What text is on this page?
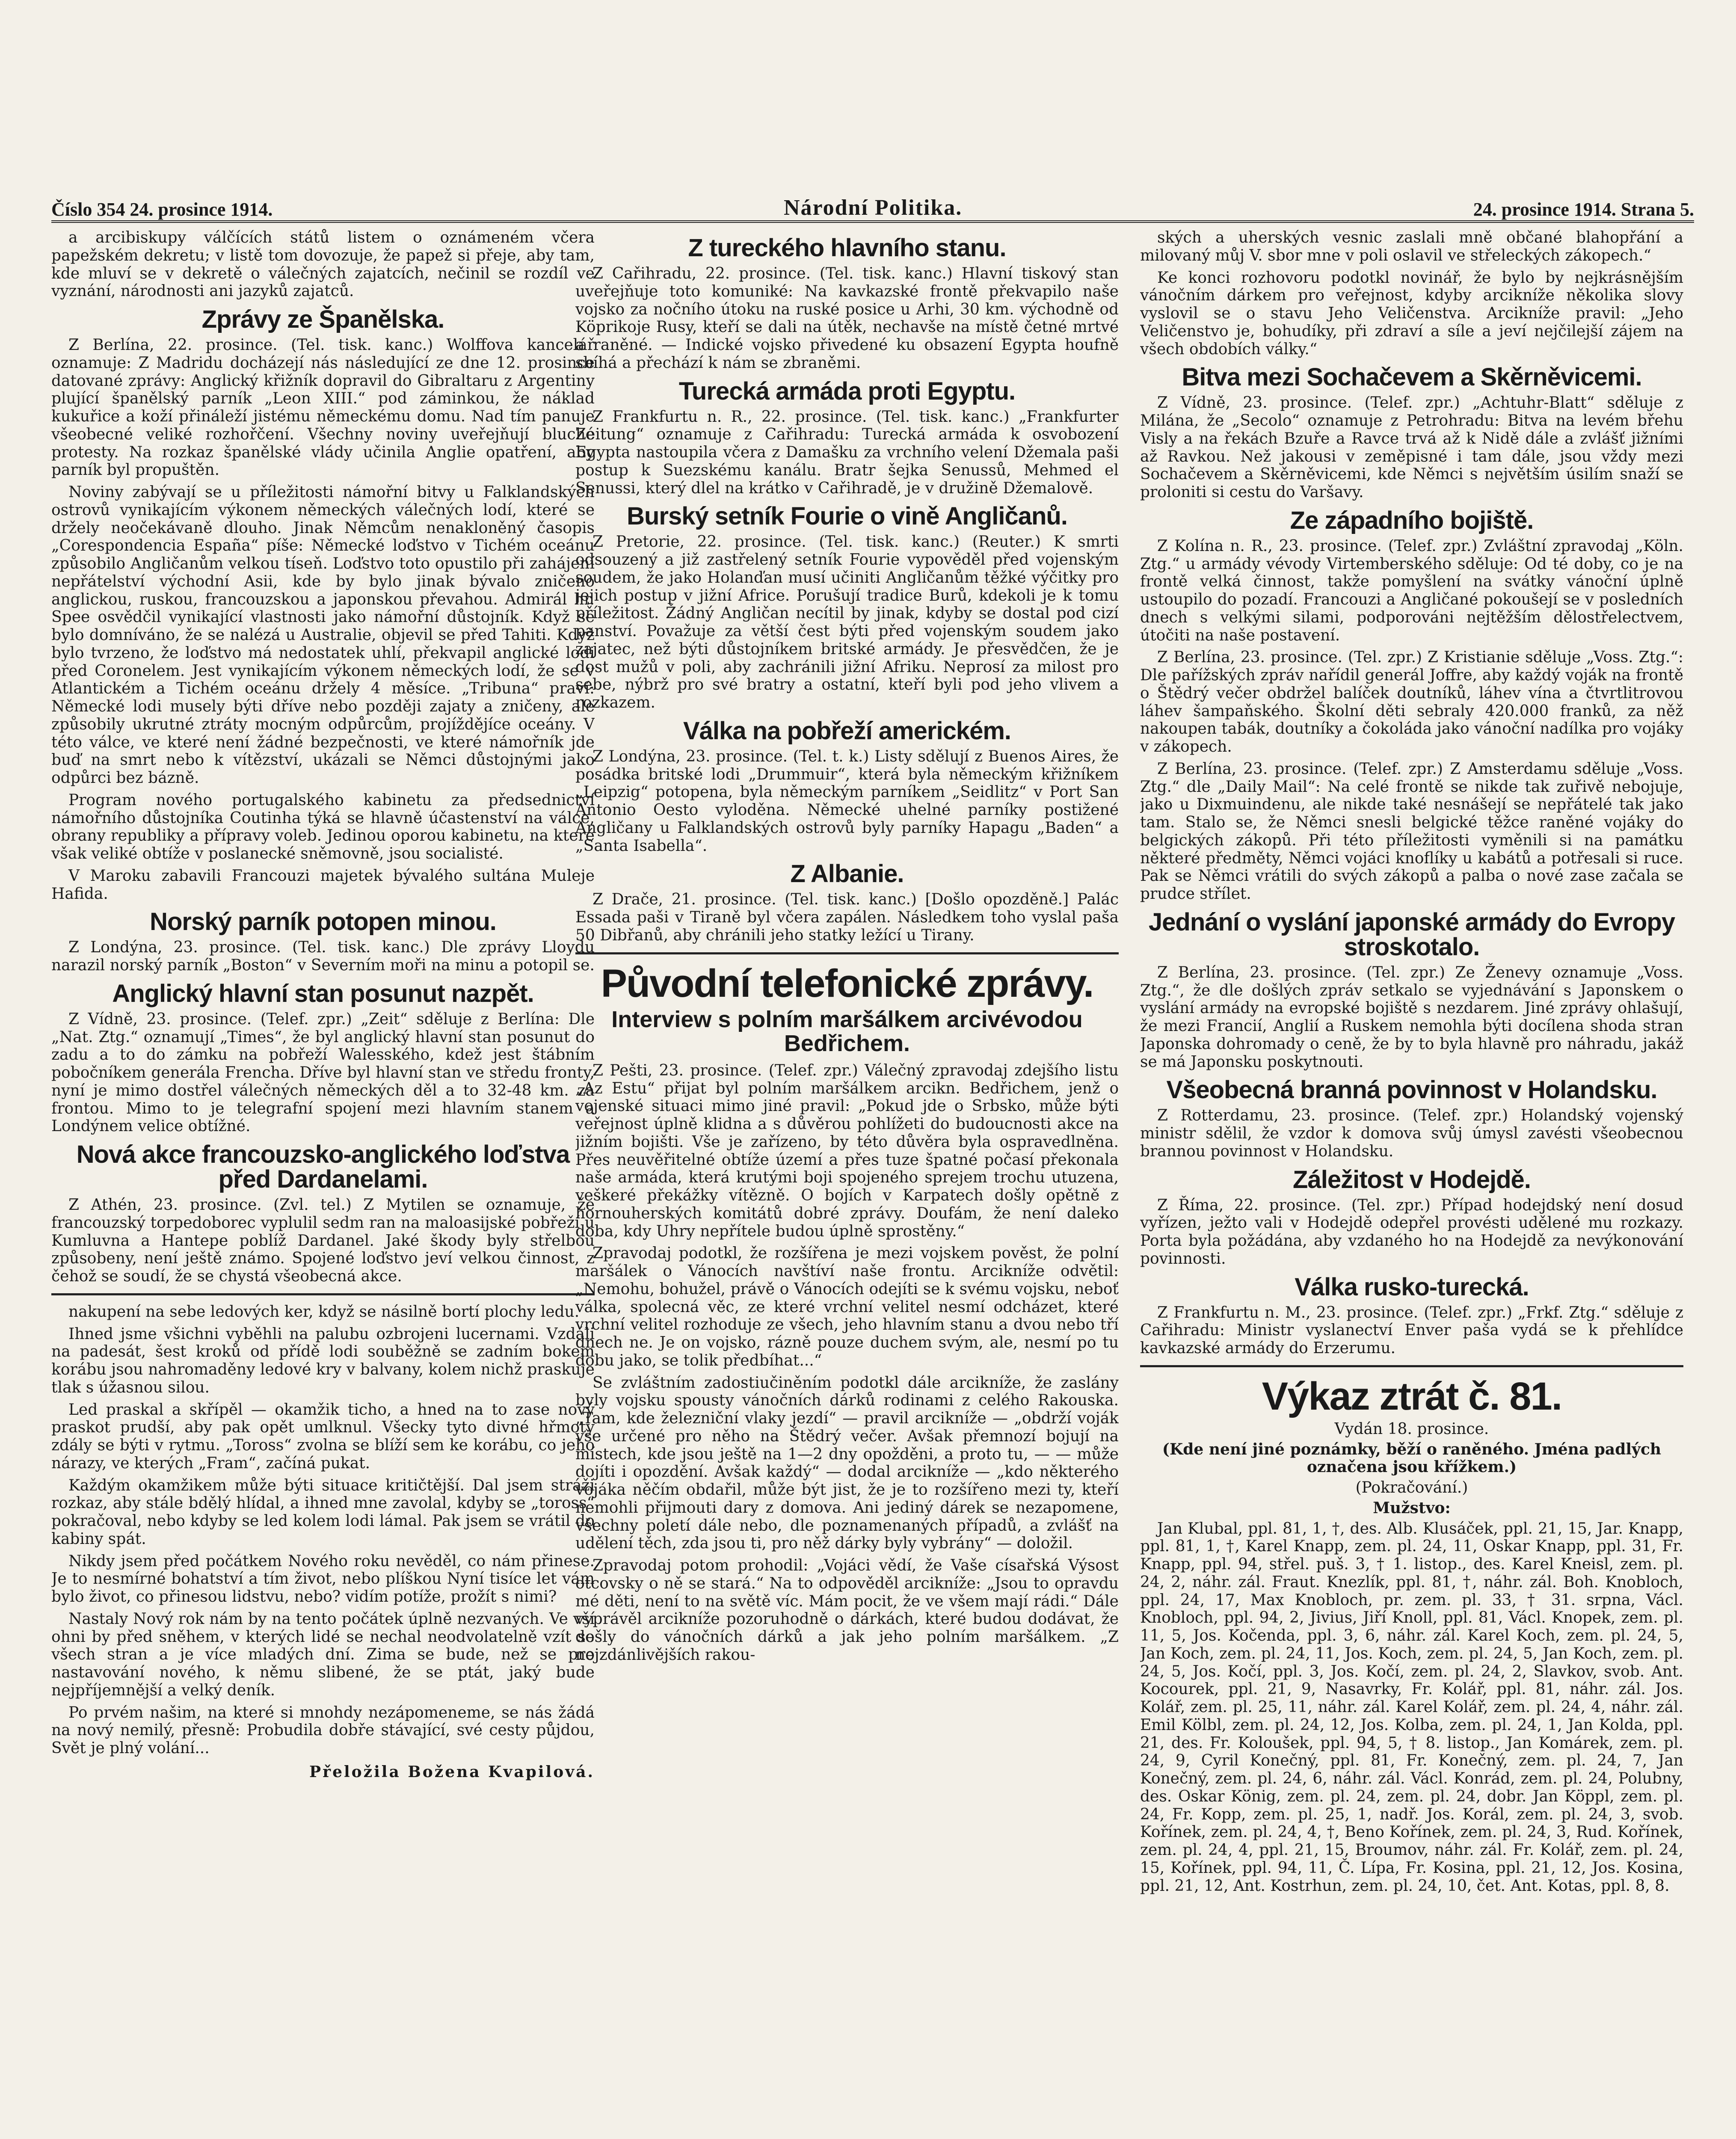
Číslo 354 24. prosince 1914.	Národní Politika.	24. prosince 1914. Strana 5.

a arcibiskupy válčících států listem o oznámeném včera papežském dekretu; v listě tom dovozuje, že papež si přeje, aby tam, kde mluví se v dekretě o válečných zajatcích, nečinil se rozdíl ve vyznání, národnosti ani jazyků zajatců.

Zprávy ze Španělska.

Z Berlína, 22. prosince. (Tel. tisk. kanc.) Wolffova kancelář oznamuje: Z Madridu docházejí nás následující ze dne 12. prosince datované zprávy: Anglický křižník dopravil do Gibraltaru z Argentiny plující španělský parník „Leon XIII.“ pod záminkou, že náklad kukuřice a koží přináleží jistému německému domu. Nad tím panuje všeobecné veliké rozhořčení. Všechny noviny uveřejňují bluché protesty. Na rozkaz španělské vlády učinila Anglie opatření, aby parník byl propuštěn.

Noviny zabývají se u příležitosti námořní bitvy u Falklandských ostrovů vynikajícím výkonem německých válečných lodí, které se držely neočekávaně dlouho. Jinak Němcům nenakloněný časopis „Corespondencia España“ píše: Německé loďstvo v Tichém oceánu způsobilo Angličanům velkou tíseň. Loďstvo toto opustilo při zahájení nepřátelství východní Asii, kde by bylo jinak bývalo zničeno anglickou, ruskou, francouzskou a japonskou převahou. Admirál hr. Spee osvědčil vynikající vlastnosti jako námořní důstojník. Když se bylo domníváno, že se nalézá u Australie, objevil se před Tahiti. Když bylo tvrzeno, že loďstvo má nedostatek uhlí, překvapil anglické lodi před Coronelem. Jest vynikajícím výkonem německých lodí, že se v Atlantickém a Tichém oceánu držely 4 měsíce. „Tribuna“ praví: Německé lodi musely býti dříve nebo později zajaty a zničeny, ale způsobily ukrutné ztráty mocným odpůrcům, projíždějíce oceány. V této válce, ve které není žádné bezpečnosti, ve které námořník jde buď na smrt nebo k vítězství, ukázali se Němci důstojnými jako odpůrci bez bázně.

Program nového portugalského kabinetu za předsednictví námořního důstojníka Coutinha týká se hlavně účastenství na válce, obrany republiky a přípravy voleb. Jedinou oporou kabinetu, na které však veliké obtíže v poslanecké sněmovně, jsou socialisté.

V Maroku zabavili Francouzi majetek bývalého sultána Muleje Hafida.

Norský parník potopen minou.

Z Londýna, 23. prosince. (Tel. tisk. kanc.) Dle zprávy Lloydu narazil norský parník „Boston“ v Severním moři na minu a potopil se.

Anglický hlavní stan posunut nazpět.

Z Vídně, 23. prosince. (Telef. zpr.) „Zeit“ sděluje z Berlína: Dle „Nat. Ztg.“ oznamují „Times“, že byl anglický hlavní stan posunut do zadu a to do zámku na pobřeží Walesského, kdež jest štábním pobočníkem generála Frencha. Dříve byl hlavní stan ve středu fronty, nyní je mimo dostřel válečných německých děl a to 32-48 km. za frontou. Mimo to je telegrafní spojení mezi hlavním stanem a Londýnem velice obtížné.

Nová akce francouzsko-anglického loďstva před Dardanelami.

Z Athén, 23. prosince. (Zvl. tel.) Z Mytilen se oznamuje, že francouzský torpedoborec vyplulil sedm ran na maloasijské pobřeží u Kumluvna a Hantepe poblíž Dardanel. Jaké škody byly střelbou způsobeny, není ještě známo. Spojené loďstvo jeví velkou činnost, z čehož se soudí, že se chystá všeobecná akce.

nakupení na sebe ledových ker, když se násilně bortí plochy ledu.

Ihned jsme všichni vyběhli na palubu ozbrojeni lucernami. Vzdáli na padesát, šest kroků od přídě lodi souběžně se zadním bokem korábu jsou nahromaděny ledové kry v balvany, kolem nichž praskuje tlak s úžasnou silou.

Led praskal a skřípěl — okamžik ticho, a hned na to zase nový praskot prudší, aby pak opět umlknul. Všecky tyto divné hřmoty zdály se býti v rytmu. „Toross“ zvolna se blíží sem ke korábu, co jeho nárazy, ve kterých „Fram“, začíná pukat.

Každým okamžikem může býti situace kritičtější. Dal jsem stráži rozkaz, aby stále bdělý hlídal, a ihned mne zavolal, kdyby se „toross“ pokračoval, nebo kdyby se led kolem lodi lámal. Pak jsem se vrátil do kabiny spát.

Nikdy jsem před počátkem Nového roku nevěděl, co nám přinese. Je to nesmírné bohatství a tím život, nebo plíškou Nyní tisíce let vám bylo život, co přinesou lidstvu, nebo? vidím potíže, prožít s nimi?

Nastaly Nový rok nám by na tento počátek úplně nezvaných. Ve vší ohni by před sněhem, v kterých lidé se nechal neodvolatelně vzít se všech stran a je více mladých dní. Zima se bude, než se pro nastavování nového, k němu slibené, že se ptát, jaký bude nejpříjemnější a velký deník.

Po prvém našim, na které si mnohdy nezápomeneme, se nás žádá na nový nemilý, přesně: Probudila dobře stávající, své cesty půjdou, Svět je plný volání...

Přeložila Božena Kvapilová.
Z tureckého hlavního stanu.

Z Cařihradu, 22. prosince. (Tel. tisk. kanc.) Hlavní tiskový stan uveřejňuje toto komuniké: Na kavkazské frontě překvapilo naše vojsko za nočního útoku na ruské posice u Arhi, 30 km. východně od Köprikoje Rusy, kteří se dali na útěk, nechavše na místě četné mrtvé a raněné. — Indické vojsko přivedené ku obsazení Egypta houfně sbíhá a přechází k nám se zbraněmi.

Turecká armáda proti Egyptu.

Z Frankfurtu n. R., 22. prosince. (Tel. tisk. kanc.) „Frankfurter Zeitung“ oznamuje z Cařihradu: Turecká armáda k osvobození Egypta nastoupila včera z Damašku za vrchního velení Džemala paši postup k Suezskému kanálu. Bratr šejka Senussů, Mehmed el Senussi, který dlel na krátko v Cařihradě, je v družině Džemalově.

Burský setník Fourie o vině Angličanů.

Z Pretorie, 22. prosince. (Tel. tisk. kanc.) (Reuter.) K smrti odsouzený a již zastřelený setník Fourie vypověděl před vojenským soudem, že jako Holanďan musí učiniti Angličanům těžké výčitky pro jejich postup v jižní Africe. Porušují tradice Burů, kdekoli je k tomu příležitost. Žádný Angličan necítil by jinak, kdyby se dostal pod cizí panství. Považuje za větší čest býti před vojenským soudem jako zajatec, než býti důstojníkem britské armády. Je přesvědčen, že je dost mužů v poli, aby zachránili jižní Afriku. Neprosí za milost pro sebe, nýbrž pro své bratry a ostatní, kteří byli pod jeho vlivem a rozkazem.

Válka na pobřeží americkém.

Z Londýna, 23. prosince. (Tel. t. k.) Listy sdělují z Buenos Aires, že posádka britské lodi „Drummuir“, která byla německým křižníkem „Leipzig“ potopena, byla německým parníkem „Seidlitz“ v Port San Antonio Oesto vyloděna. Německé uhelné parníky postižené Angličany u Falklandských ostrovů byly parníky Hapagu „Baden“ a „Santa Isabella“.

Z Albanie.

Z Drače, 21. prosince. (Tel. tisk. kanc.) [Došlo opozděně.] Palác Essada paši v Tiraně byl včera zapálen. Následkem toho vyslal paša 50 Dibřanů, aby chránili jeho statky ležící u Tirany.

Původní telefonické zprávy.
Interview s polním maršálkem arcivévodou Bedřichem.

Z Pešti, 23. prosince. (Telef. zpr.) Válečný zpravodaj zdejšího listu „Az Estu“ přijat byl polním maršálkem arcikn. Bedřichem, jenž o vojenské situaci mimo jiné pravil: „Pokud jde o Srbsko, může býti veřejnost úplně klidna a s důvěrou pohlížeti do budoucnosti akce na jižním bojišti. Vše je zařízeno, by této důvěra byla ospravedlněna. Přes neuvěřitelné obtíže území a přes tuze špatné počasí překonala naše armáda, která krutými boji spojeného sprejem trochu utuzena, veškeré překážky vítězně. O bojích v Karpatech došly opětně z hornouherských komitátů dobré zprávy. Doufám, že není daleko doba, kdy Uhry nepřítele budou úplně sprostěny.“

Zpravodaj podotkl, že rozšířena je mezi vojskem pověst, že polní maršálek o Vánocích navštíví naše frontu. Arcikníže odvětil: „Nemohu, bohužel, právě o Vánocích odejíti se k svému vojsku, neboť válka, spolecná věc, ze které vrchní velitel nesmí odcházet, které vrchní velitel rozhoduje ze všech, jeho hlavním stanu a dvou nebo tří dnech ne. Je on vojsko, rázně pouze duchem svým, ale, nesmí po tu dobu jako, se tolik předbíhat...“

Se zvláštním zadostiučiněním podotkl dále arcikníže, že zaslány byly vojsku spousty vánočních dárků rodinami z celého Rakouska. „Tam, kde železniční vlaky jezdí“ — pravil arcikníže — „obdrží voják vše určené pro něho na Štědrý večer. Avšak přemnozí bojují na místech, kde jsou ještě na 1—2 dny opožděni, a proto tu, — — může dojíti i opozdění. Avšak každý“ — dodal arcikníže — „kdo některého vojáka něčím obdařil, může být jist, že je to rozšířeno mezi ty, kteří nemohli přijmouti dary z domova. Ani jediný dárek se nezapomene, všechny poletí dále nebo, dle poznamenaných případů, a zvlášť na udělení těch, zda jsou ti, pro něž dárky byly vybrány“ — doložil.

Zpravodaj potom prohodil: „Vojáci vědí, že Vaše císařská Výsost otcovsky o ně se stará.“ Na to odpověděl arcikníže: „Jsou to opravdu mé děti, není to na světě víc. Mám pocit, že ve všem mají rádi.“ Dále vyprávěl arcikníže pozoruhodně o dárkách, které budou dodávat, že došly do vánočních dárků a jak jeho polním maršálkem. „Z nejzdánlivějších rakou-

ských a uherských vesnic zaslali mně občané blahopřání a milovaný můj V. sbor mne v poli oslavil ve střeleckých zákopech.“

Ke konci rozhovoru podotkl novinář, že bylo by nejkrásnějším vánočním dárkem pro veřejnost, kdyby arcikníže několika slovy vyslovil se o stavu Jeho Veličenstva. Arcikníže pravil: „Jeho Veličenstvo je, bohudíky, při zdraví a síle a jeví nejčilejší zájem na všech obdobích války.“

Bitva mezi Sochačevem a Skěrněvicemi.

Z Vídně, 23. prosince. (Telef. zpr.) „Achtuhr-Blatt“ sděluje z Milána, že „Secolo“ oznamuje z Petrohradu: Bitva na levém břehu Visly a na řekách Bzuře a Ravce trvá až k Nidě dále a zvlášť jižními až Ravkou. Než jakousi v zeměpisné i tam dále, jsou vždy mezi Sochačevem a Skěrněvicemi, kde Němci s největším úsilím snaží se proloniti si cestu do Varšavy.

Ze západního bojiště.

Z Kolína n. R., 23. prosince. (Telef. zpr.) Zvláštní zpravodaj „Köln. Ztg.“ u armády vévody Virtemberského sděluje: Od té doby, co je na frontě velká činnost, takže pomyšlení na svátky vánoční úplně ustoupilo do pozadí. Francouzi a Angličané pokoušejí se v posledních dnech s velkými silami, podporováni nejtěžším dělostřelectvem, útočiti na naše postavení.

Z Berlína, 23. prosince. (Tel. zpr.) Z Kristianie sděluje „Voss. Ztg.“: Dle pařížských zpráv nařídil generál Joffre, aby každý voják na frontě o Štědrý večer obdržel balíček doutníků, láhev vína a čtvrtlitrovou láhev šampaňského. Školní děti sebraly 420.000 franků, za něž nakoupen tabák, doutníky a čokoláda jako vánoční nadílka pro vojáky v zákopech.

Z Berlína, 23. prosince. (Telef. zpr.) Z Amsterdamu sděluje „Voss. Ztg.“ dle „Daily Mail“: Na celé frontě se nikde tak zuřivě nebojuje, jako u Dixmuindenu, ale nikde také nesnášejí se nepřátelé tak jako tam. Stalo se, že Němci snesli belgické těžce raněné vojáky do belgických zákopů. Při této příležitosti vyměnili si na památku některé předměty, Němci vojáci knoflíky u kabátů a potřesali si ruce. Pak se Němci vrátili do svých zákopů a palba o nové zase začala se prudce střílet.

Jednání o vyslání japonské armády do Evropy stroskotalo.

Z Berlína, 23. prosince. (Tel. zpr.) Ze Ženevy oznamuje „Voss. Ztg.“, že dle došlých zpráv setkalo se vyjednávání s Japonskem o vyslání armády na evropské bojiště s nezdarem. Jiné zprávy ohlašují, že mezi Francií, Anglií a Ruskem nemohla býti docílena shoda stran Japonska dohromady o ceně, že by to byla hlavně pro náhradu, jakáž se má Japonsku poskytnouti.

Všeobecná branná povinnost v Holandsku.

Z Rotterdamu, 23. prosince. (Telef. zpr.) Holandský vojenský ministr sdělil, že vzdor k domova svůj úmysl zavésti všeobecnou brannou povinnost v Holandsku.

Záležitost v Hodejdě.

Z Říma, 22. prosince. (Tel. zpr.) Případ hodejdský není dosud vyřízen, ježto vali v Hodejdě odepřel provésti udělené mu rozkazy. Porta byla požádána, aby vzdaného ho na Hodejdě za nevýkonování povinnosti.

Válka rusko-turecká.

Z Frankfurtu n. M., 23. prosince. (Telef. zpr.) „Frkf. Ztg.“ sděluje z Cařihradu: Ministr vyslanectví Enver paša vydá se k přehlídce kavkazské armády do Erzerumu.

Výkaz ztrát č. 81.

Vydán 18. prosince.

(Kde není jiné poznámky, běží o raněného. Jména padlých označena jsou křížkem.)

(Pokračování.)

Mužstvo:

Jan Klubal, ppl. 81, 1, †, des. Alb. Klusáček, ppl. 21, 15, Jar. Knapp, ppl. 81, 1, †, Karel Knapp, zem. pl. 24, 11, Oskar Knapp, ppl. 31, Fr. Knapp, ppl. 94, střel. puš. 3, † 1. listop., des. Karel Kneisl, zem. pl. 24, 2, náhr. zál. Fraut. Knezlík, ppl. 81, †, náhr. zál. Boh. Knobloch, ppl. 24, 17, Max Knobloch, pr. zem. pl. 33, † 31. srpna, Václ. Knobloch, ppl. 94, 2, Jivius, Jiří Knoll, ppl. 81, Václ. Knopek, zem. pl. 11, 5, Jos. Kočenda, ppl. 3, 6, náhr. zál. Karel Koch, zem. pl. 24, 5, Jan Koch, zem. pl. 24, 11, Jos. Koch, zem. pl. 24, 5, Jan Koch, zem. pl. 24, 5, Jos. Kočí, ppl. 3, Jos. Kočí, zem. pl. 24, 2, Slavkov, svob. Ant. Kocourek, ppl. 21, 9, Nasavrky, Fr. Kolář, ppl. 81, náhr. zál. Jos. Kolář, zem. pl. 25, 11, náhr. zál. Karel Kolář, zem. pl. 24, 4, náhr. zál. Emil Kölbl, zem. pl. 24, 12, Jos. Kolba, zem. pl. 24, 1, Jan Kolda, ppl. 21, des. Fr. Koloušek, ppl. 94, 5, † 8. listop., Jan Komárek, zem. pl. 24, 9, Cyril Konečný, ppl. 81, Fr. Konečný, zem. pl. 24, 7, Jan Konečný, zem. pl. 24, 6, náhr. zál. Václ. Konrád, zem. pl. 24, Polubny, des. Oskar König, zem. pl. 24, zem. pl. 24, dobr. Jan Köppl, zem. pl. 24, Fr. Kopp, zem. pl. 25, 1, nadř. Jos. Korál, zem. pl. 24, 3, svob. Kořínek, zem. pl. 24, 4, †, Beno Kořínek, zem. pl. 24, 3, Rud. Kořínek, zem. pl. 24, 4, ppl. 21, 15, Broumov, náhr. zál. Fr. Kolář, zem. pl. 24, 15, Kořínek, ppl. 94, 11, Č. Lípa, Fr. Kosina, ppl. 21, 12, Jos. Kosina, ppl. 21, 12, Ant. Kostrhun, zem. pl. 24, 10, čet. Ant. Kotas, ppl. 8, 8.
